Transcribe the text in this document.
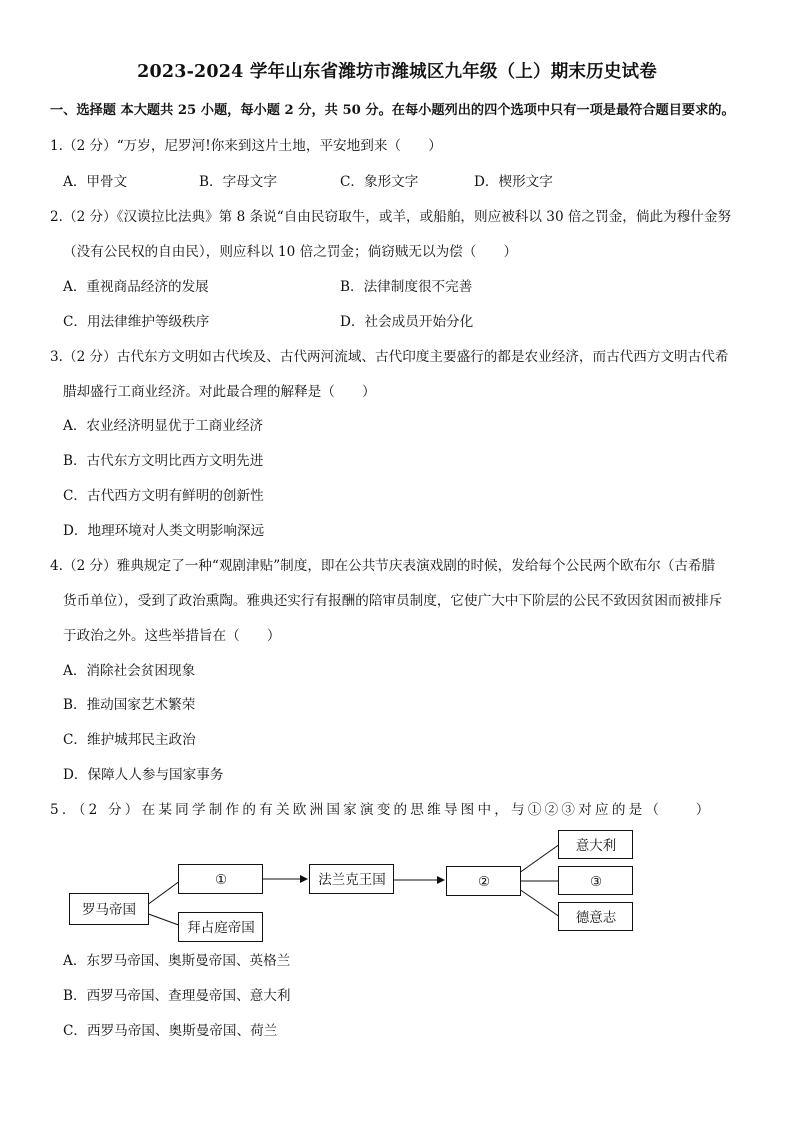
2023-2024 学年山东省潍坊市潍城区九年级（上）期末历史试卷
一、选择题 本大题共 25 小题，每小题 2 分，共 50 分。在每小题列出的四个选项中只有一项是最符合题目要求的。
1.（2 分）“万岁，尼罗河!你来到这片土地，平安地到来（　　）
A．甲骨文	B．字母文字	C．象形文字	D．楔形文字
2.（2 分）《汉谟拉比法典》第 8 条说“自由民窃取牛，或羊，或船舶，则应被科以 30 倍之罚金，倘此为穆什金努
（没有公民权的自由民），则应科以 10 倍之罚金；倘窃贼无以为偿（　　）
A．重视商品经济的发展	B．法律制度很不完善
C．用法律维护等级秩序	D．社会成员开始分化
3.（2 分）古代东方文明如古代埃及、古代两河流域、古代印度主要盛行的都是农业经济，而古代西方文明古代希
腊却盛行工商业经济。对此最合理的解释是（　　）
A．农业经济明显优于工商业经济
B．古代东方文明比西方文明先进
C．古代西方文明有鲜明的创新性
D．地理环境对人类文明影响深远
4.（2 分）雅典规定了一种“观剧津贴”制度，即在公共节庆表演戏剧的时候，发给每个公民两个欧布尔（古希腊
货币单位），受到了政治熏陶。雅典还实行有报酬的陪审员制度，它使广大中下阶层的公民不致因贫困而被排斥
于政治之外。这些举措旨在（　　）
A．消除社会贫困现象
B．推动国家艺术繁荣
C．维护城邦民主政治
D．保障人人参与国家事务
5．（2 分）在某同学制作的有关欧洲国家演变的思维导图中，与①②③对应的是（　　）
罗马帝国
①
拜占庭帝国
法兰克王国	②
意大利
③
德意志
A．东罗马帝国、奥斯曼帝国、英格兰
B．西罗马帝国、查理曼帝国、意大利
C．西罗马帝国、奥斯曼帝国、荷兰
